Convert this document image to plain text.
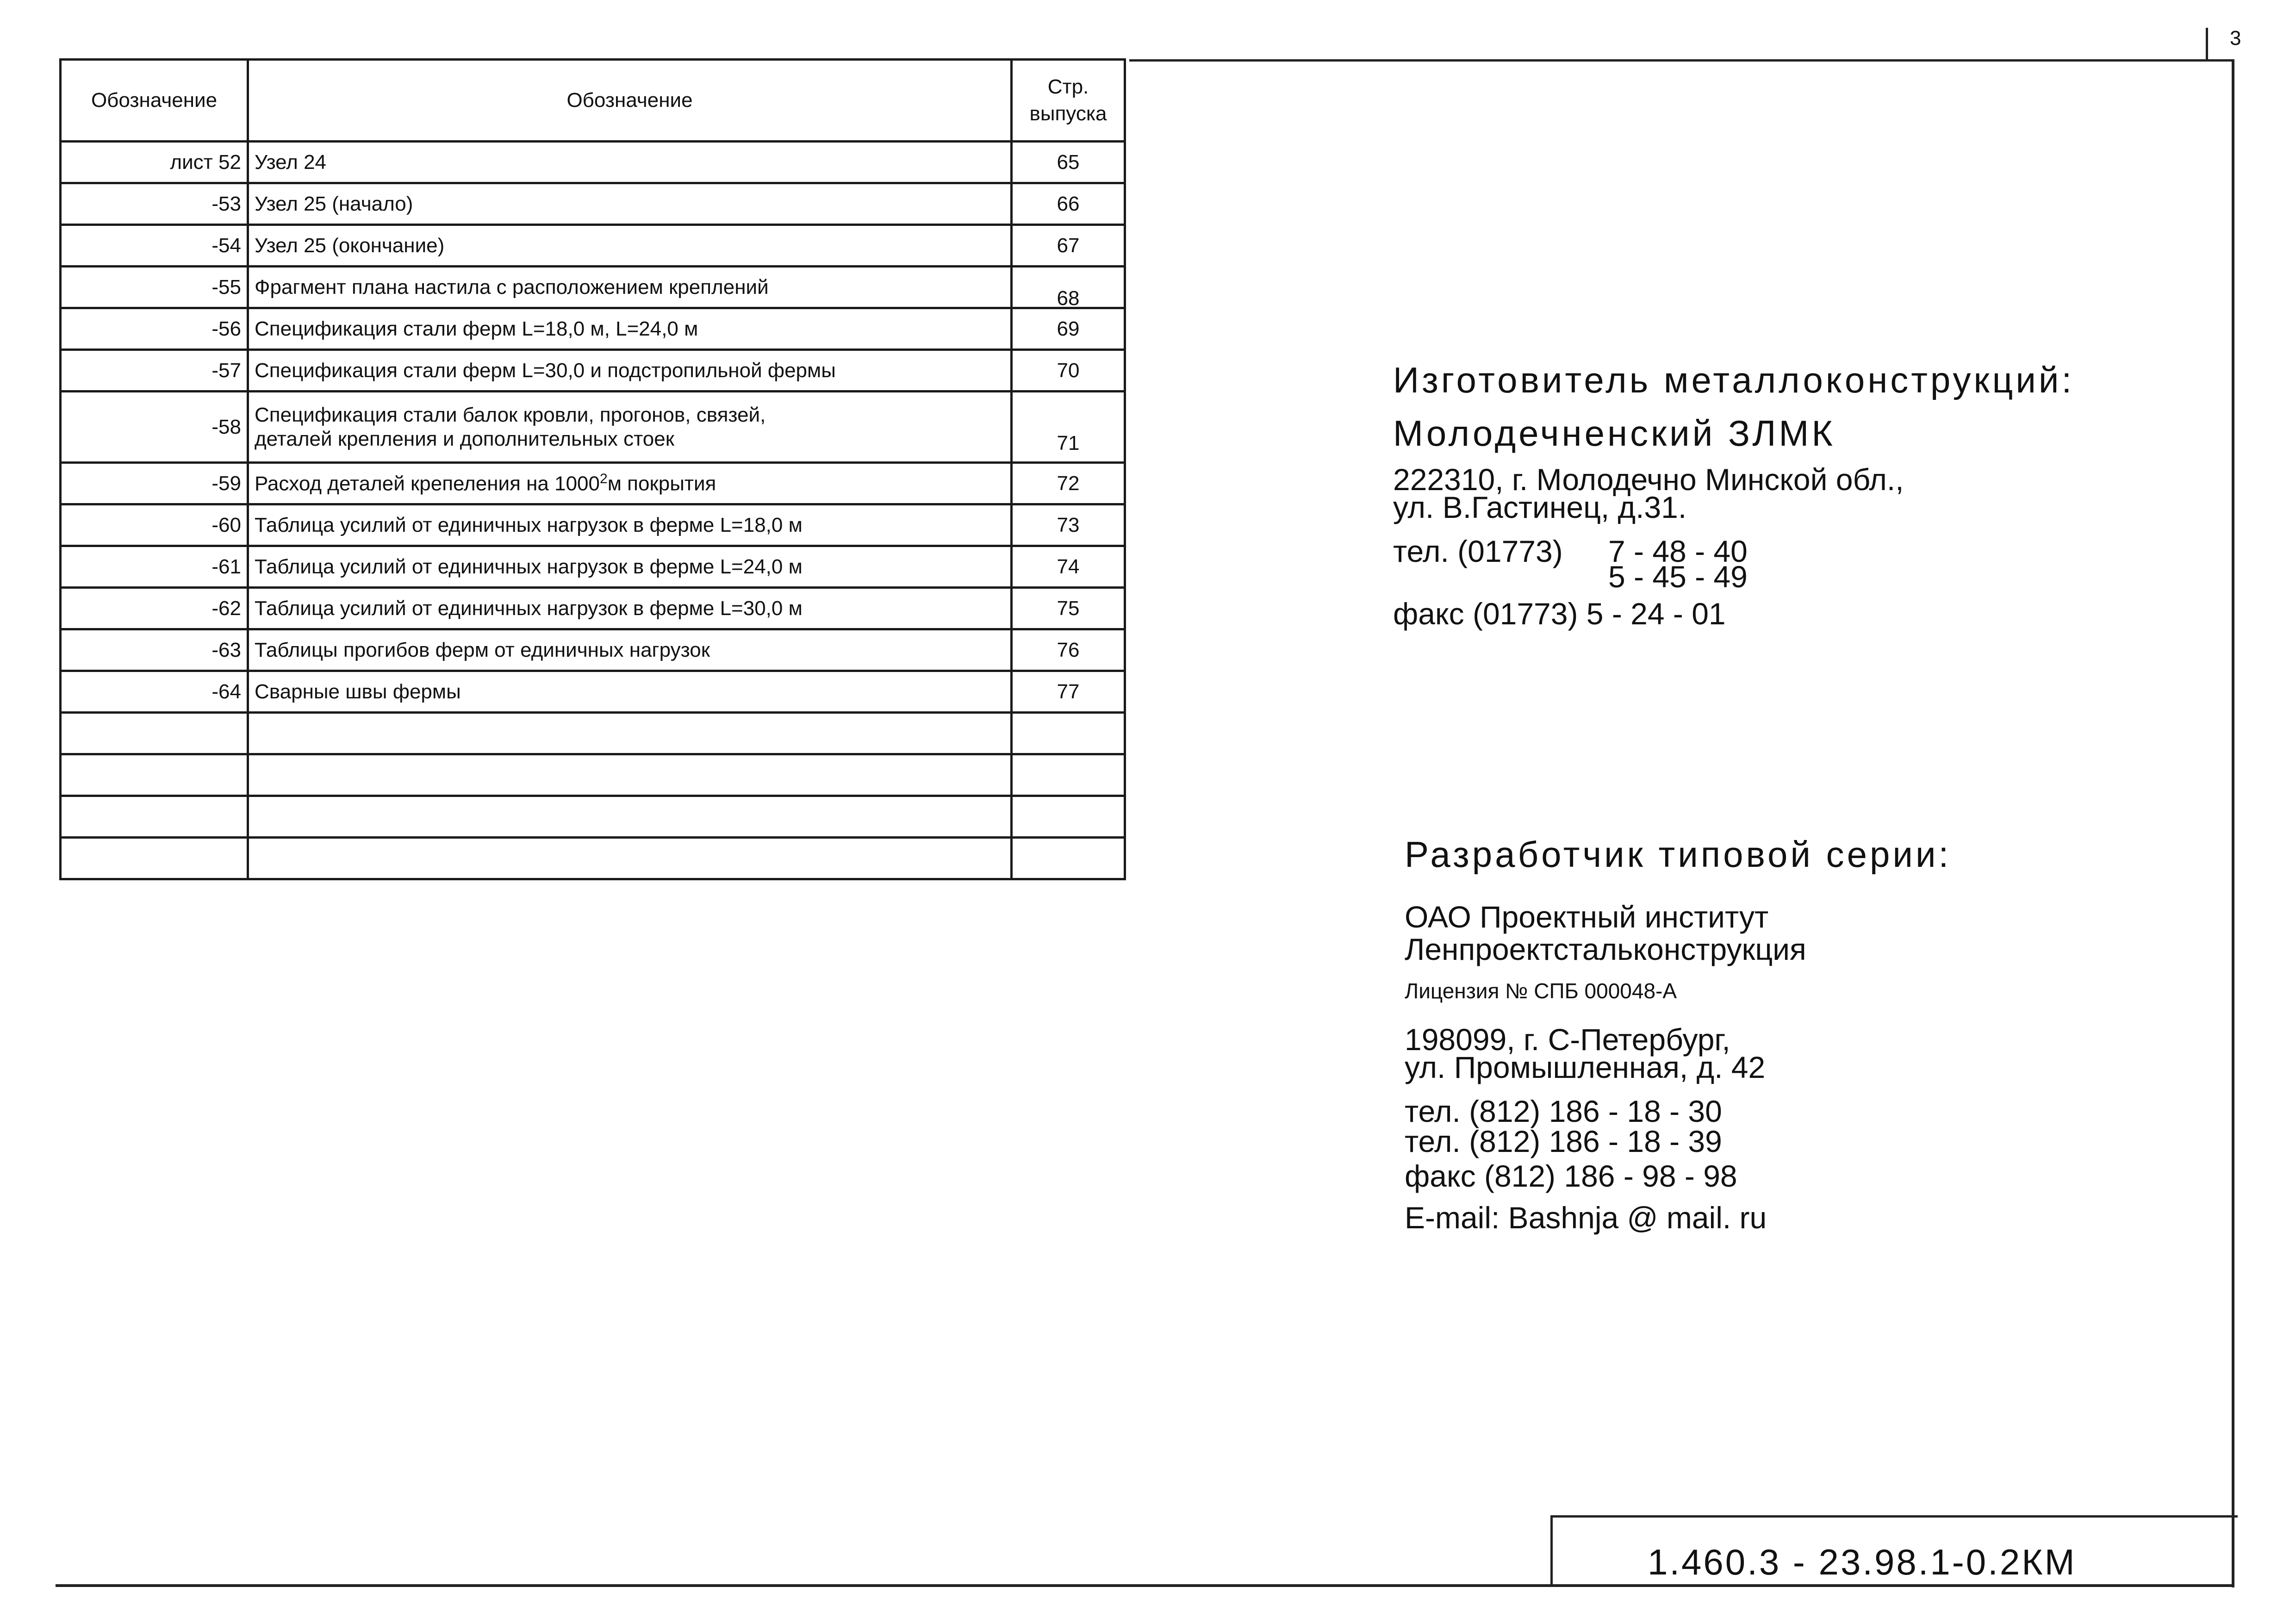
3
Обозначение	Обозначение	Стр.
выпуска
лист 52	Узел 24	65
-53	Узел 25 (начало)	66
-54	Узел 25 (окончание)	67
-55	Фрагмент плана настила с расположением креплений	68

-56	Спецификация стали ферм L=18,0 м, L=24,0 м	69
-57	Спецификация стали ферм L=30,0 и подстропильной фермы	70
-58	Спецификация стали балок кровли, прогонов, связей,
деталей крепления и дополнительных стоек	71
-59	Расход деталей крепеления на 1000$^2$м покрытия	72
-60	Таблица усилий от единичных нагрузок в ферме L=18,0 м	73
-61	Таблица усилий от единичных нагрузок в ферме L=24,0 м	74
-62	Таблица усилий от единичных нагрузок в ферме L=30,0 м	75
-63	Таблицы прогибов ферм от единичных нагрузок	76
-64	Сварные швы фермы	77

Изготовитель металлоконструкций:
Молодечненский ЗЛМК
222310, г. Молодечно Минской обл.,
ул. В.Гастинец, д.31.
тел. (01773) 7 - 48 - 40
5 - 45 - 49
факс (01773) 5 - 24 - 01
Разработчик типовой серии:
ОАО Проектный институт
Ленпроектстальконструкция
Лицензия № СПБ 000048-А
198099, г. С-Петербург,
ул. Промышленная, д. 42
тел. (812) 186 - 18 - 30
тел. (812) 186 - 18 - 39
факс (812) 186 - 98 - 98
E-mail: Bashnja @ mail. ru
1.460.3 - 23.98.1-0.2КМ
